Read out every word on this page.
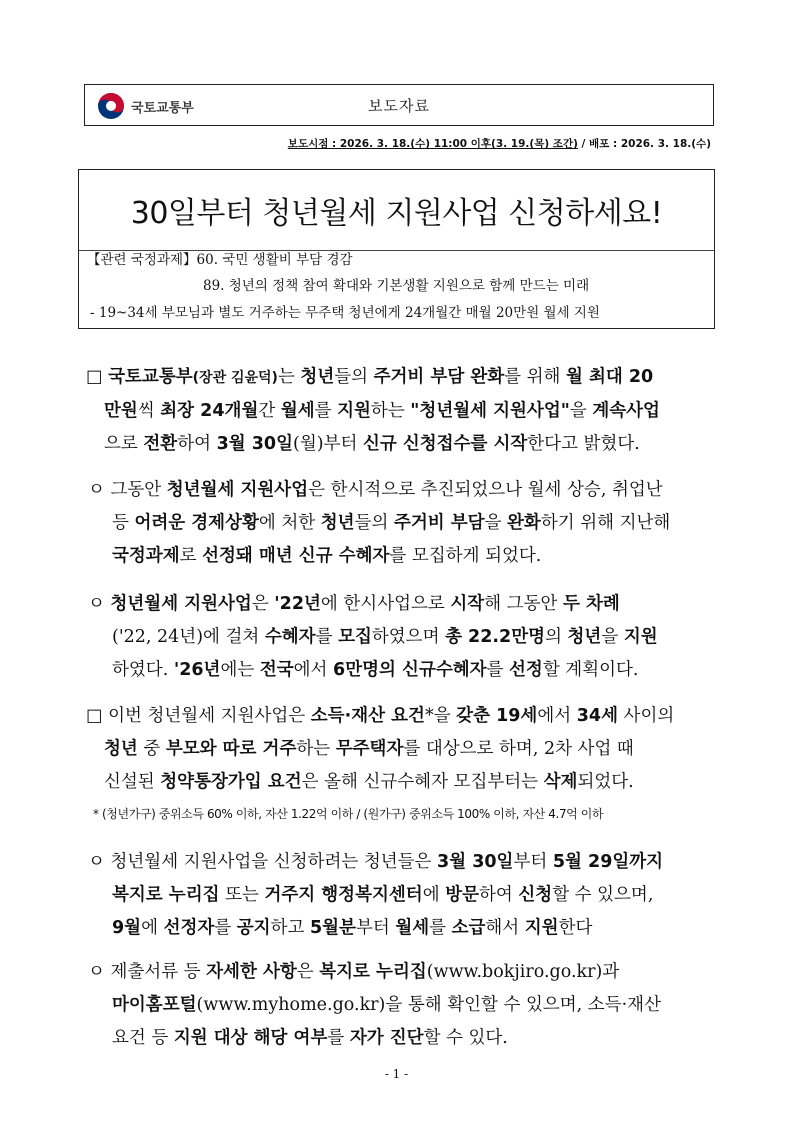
국토교통부	보도자료
보도시점 : 2026. 3. 18.(수) 11:00 이후(3. 19.(목) 조간) / 배포 : 2026. 3. 18.(수)
30일부터 청년월세 지원사업 신청하세요!
【관련 국정과제】60. 국민 생활비 부담 경감
89. 청년의 정책 참여 확대와 기본생활 지원으로 함께 만드는 미래
- 19~34세 부모님과 별도 거주하는 무주택 청년에게 24개월간 매월 20만원 월세 지원
□ 국토교통부(장관 김윤덕)는 청년들의 주거비 부담 완화를 위해 월 최대 20
만원씩 최장 24개월간 월세를 지원하는 "청년월세 지원사업"을 계속사업
으로 전환하여 3월 30일(월)부터 신규 신청접수를 시작한다고 밝혔다.
ㅇ 그동안 청년월세 지원사업은 한시적으로 추진되었으나 월세 상승, 취업난
등 어려운 경제상황에 처한 청년들의 주거비 부담을 완화하기 위해 지난해
국정과제로 선정돼 매년 신규 수혜자를 모집하게 되었다.
ㅇ 청년월세 지원사업은 '22년에 한시사업으로 시작해 그동안 두 차례
('22, 24년)에 걸쳐 수혜자를 모집하였으며 총 22.2만명의 청년을 지원
하였다. '26년에는 전국에서 6만명의 신규수혜자를 선정할 계획이다.
□ 이번 청년월세 지원사업은 소득·재산 요건*을 갖춘 19세에서 34세 사이의
청년 중 부모와 따로 거주하는 무주택자를 대상으로 하며, 2차 사업 때
신설된 청약통장가입 요건은 올해 신규수혜자 모집부터는 삭제되었다.
* (청년가구) 중위소득 60% 이하, 자산 1.22억 이하 / (원가구) 중위소득 100% 이하, 자산 4.7억 이하
ㅇ 청년월세 지원사업을 신청하려는 청년들은 3월 30일부터 5월 29일까지
복지로 누리집 또는 거주지 행정복지센터에 방문하여 신청할 수 있으며,
9월에 선정자를 공지하고 5월분부터 월세를 소급해서 지원한다
ㅇ 제출서류 등 자세한 사항은 복지로 누리집(www.bokjiro.go.kr)과
마이홈포털(www.myhome.go.kr)을 통해 확인할 수 있으며, 소득·재산
요건 등 지원 대상 해당 여부를 자가 진단할 수 있다.
- 1 -
